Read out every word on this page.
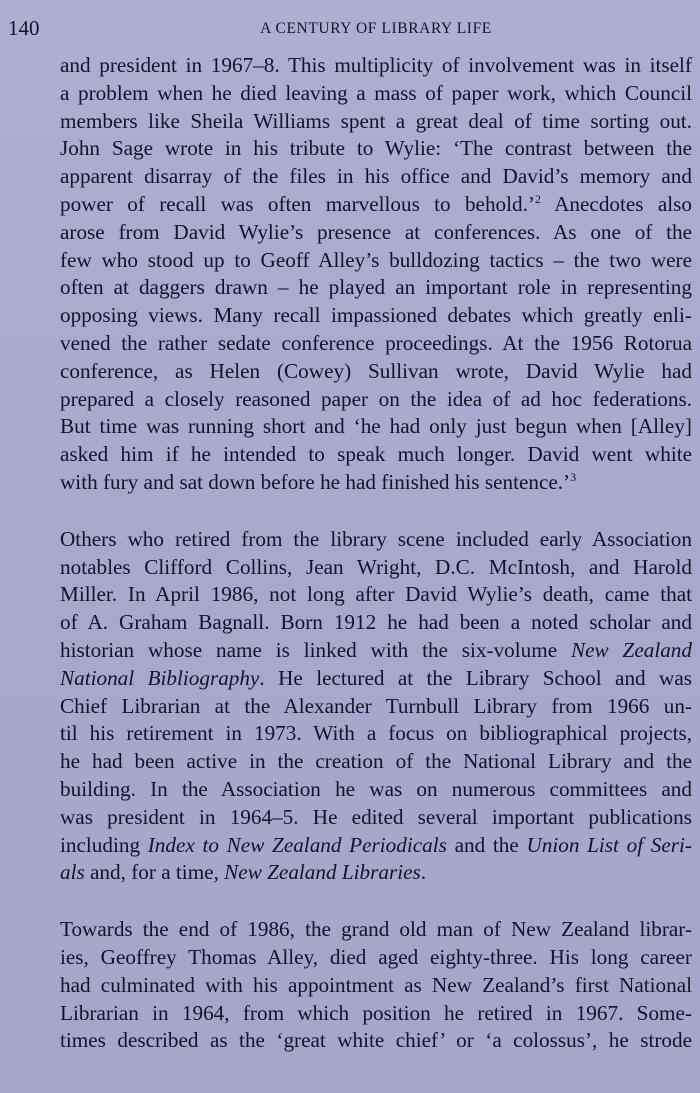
140	A CENTURY OF LIBRARY LIFE

and president in 1967–8. This multiplicity of involvement was in itself
a problem when he died leaving a mass of paper work, which Council
members like Sheila Williams spent a great deal of time sorting out.
John Sage wrote in his tribute to Wylie: ‘The contrast between the
apparent disarray of the files in his office and David’s memory and
power of recall was often marvellous to behold.’$^2$ Anecdotes also
arose from David Wylie’s presence at conferences. As one of the
few who stood up to Geoff Alley’s bulldozing tactics – the two were
often at daggers drawn – he played an important role in representing
opposing views. Many recall impassioned debates which greatly enli-
vened the rather sedate conference proceedings. At the 1956 Rotorua
conference, as Helen (Cowey) Sullivan wrote, David Wylie had
prepared a closely reasoned paper on the idea of ad hoc federations.
But time was running short and ‘he had only just begun when [Alley]
asked him if he intended to speak much longer. David went white
with fury and sat down before he had finished his sentence.’$^3$

Others who retired from the library scene included early Association
notables Clifford Collins, Jean Wright, D.C. McIntosh, and Harold
Miller. In April 1986, not long after David Wylie’s death, came that
of A. Graham Bagnall. Born 1912 he had been a noted scholar and
historian whose name is linked with the six-volume New Zealand
National Bibliography. He lectured at the Library School and was
Chief Librarian at the Alexander Turnbull Library from 1966 un-
til his retirement in 1973. With a focus on bibliographical projects,
he had been active in the creation of the National Library and the
building. In the Association he was on numerous committees and
was president in 1964–5. He edited several important publications
including Index to New Zealand Periodicals and the Union List of Seri-
als and, for a time, New Zealand Libraries.

Towards the end of 1986, the grand old man of New Zealand librar-
ies, Geoffrey Thomas Alley, died aged eighty-three. His long career
had culminated with his appointment as New Zealand’s first National
Librarian in 1964, from which position he retired in 1967. Some-
times described as the ‘great white chief’ or ‘a colossus’, he strode
